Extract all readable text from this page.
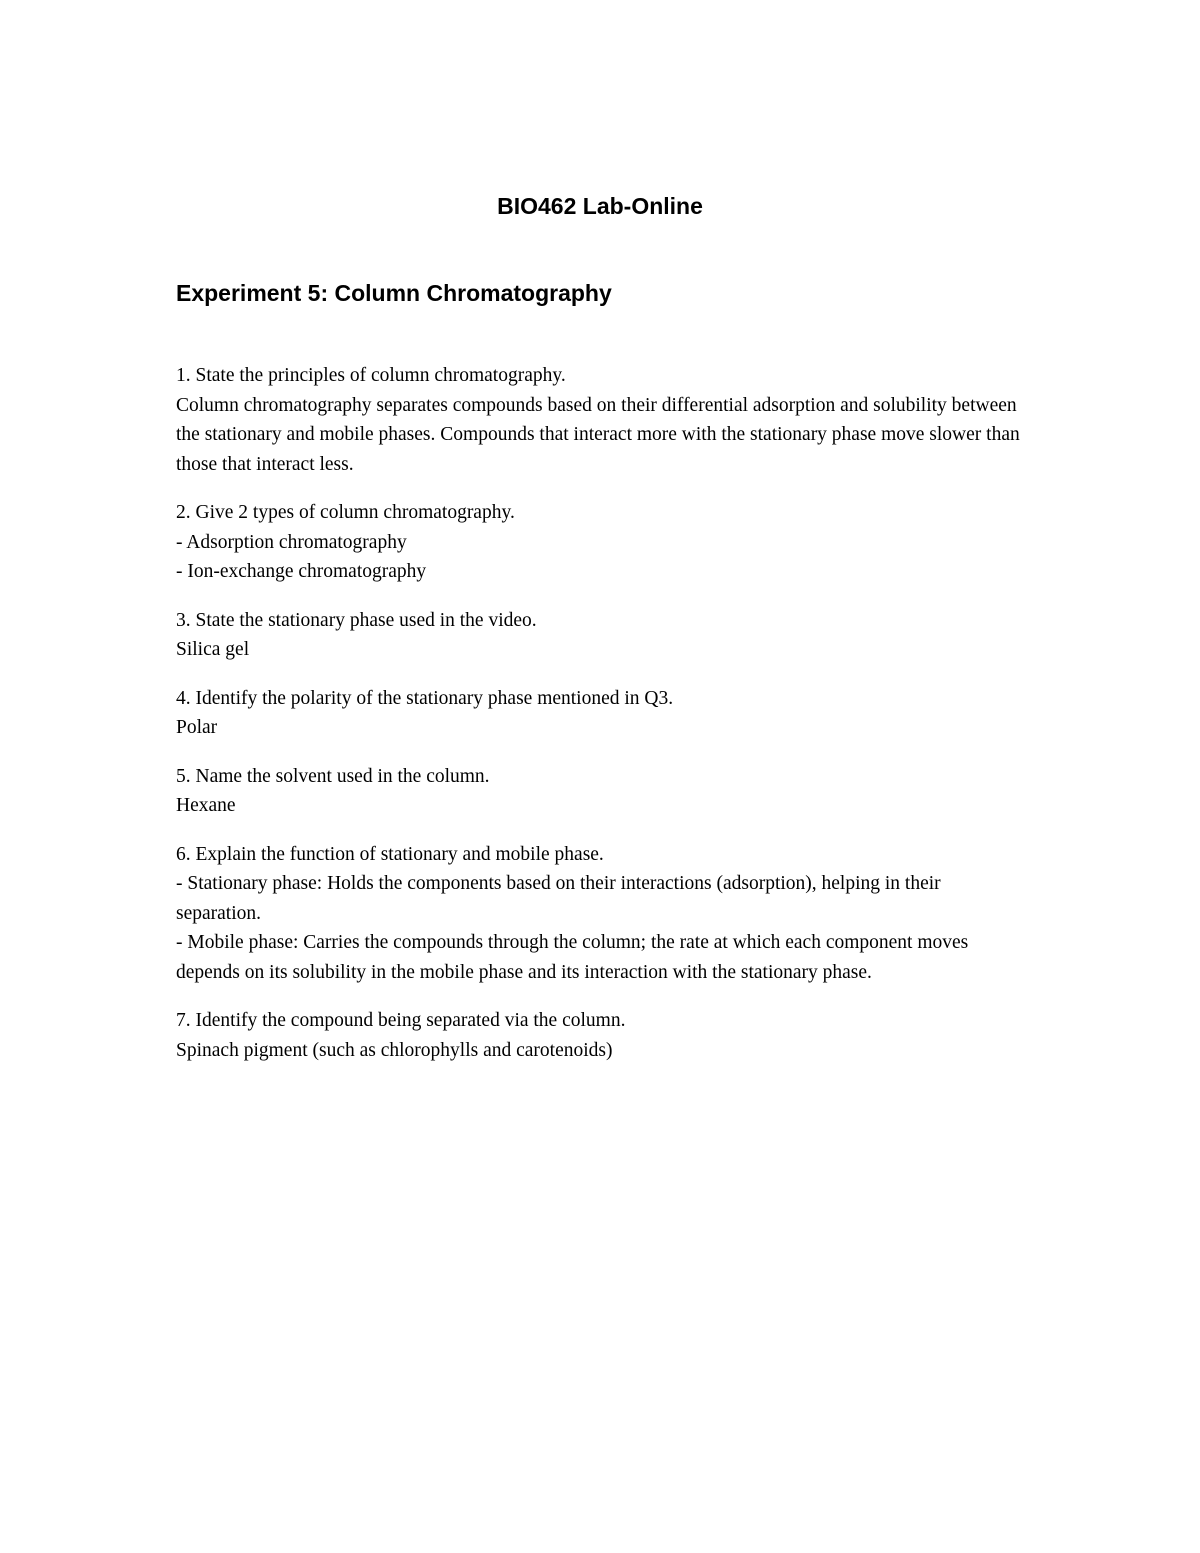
BIO462 Lab-Online
Experiment 5: Column Chromatography
1. State the principles of column chromatography.
Column chromatography separates compounds based on their differential adsorption and solubility between the stationary and mobile phases. Compounds that interact more with the stationary phase move slower than those that interact less.
2. Give 2 types of column chromatography.
- Adsorption chromatography
- Ion-exchange chromatography
3. State the stationary phase used in the video.
Silica gel
4. Identify the polarity of the stationary phase mentioned in Q3.
Polar
5. Name the solvent used in the column.
Hexane
6. Explain the function of stationary and mobile phase.
- Stationary phase: Holds the components based on their interactions (adsorption), helping in their separation.
- Mobile phase: Carries the compounds through the column; the rate at which each component moves depends on its solubility in the mobile phase and its interaction with the stationary phase.
7. Identify the compound being separated via the column.
Spinach pigment (such as chlorophylls and carotenoids)
